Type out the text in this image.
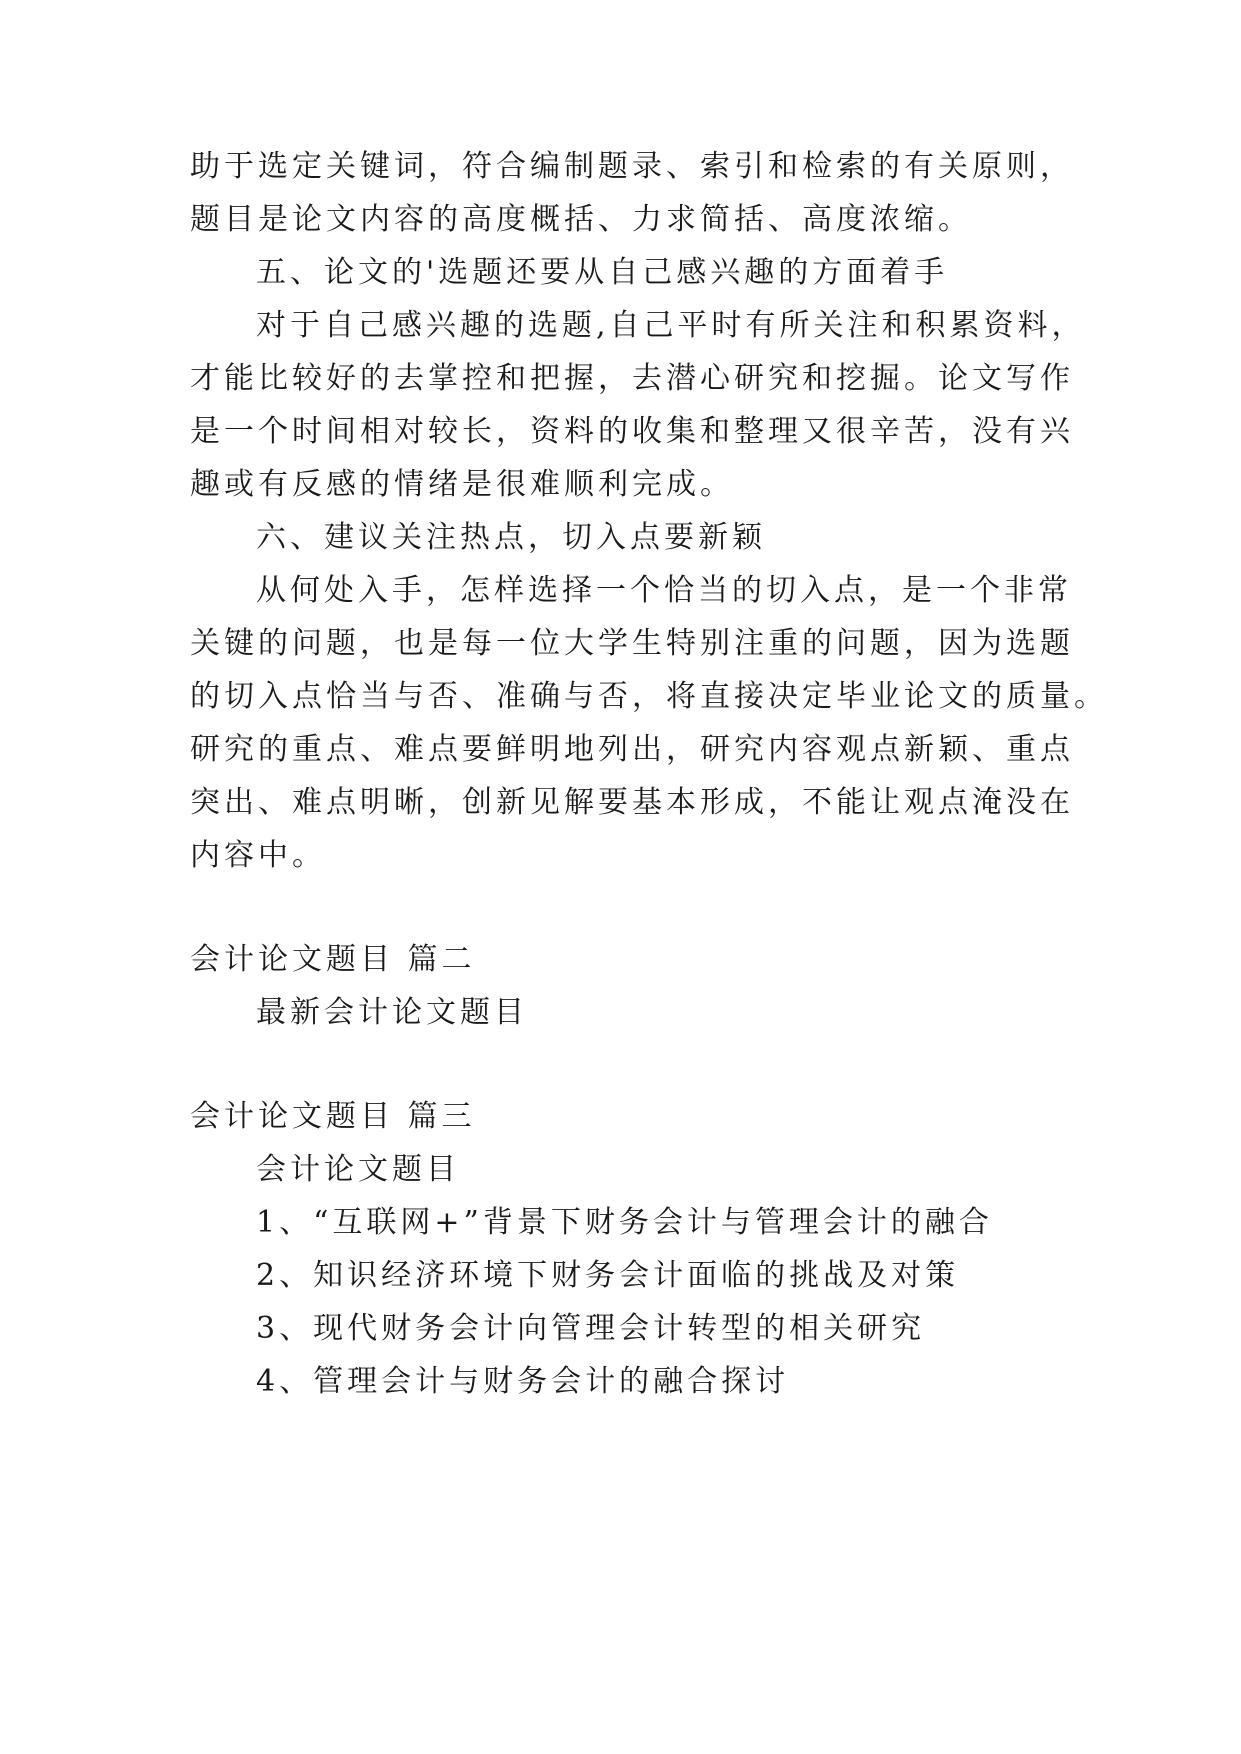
助于选定关键词，符合编制题录、索引和检索的有关原则，
题目是论文内容的高度概括、力求简括、高度浓缩。
五、论文的'选题还要从自己感兴趣的方面着手
对于自己感兴趣的选题,自己平时有所关注和积累资料，
才能比较好的去掌控和把握，去潜心研究和挖掘。论文写作
是一个时间相对较长，资料的收集和整理又很辛苦，没有兴
趣或有反感的情绪是很难顺利完成。
六、建议关注热点，切入点要新颖
从何处入手，怎样选择一个恰当的切入点，是一个非常
关键的问题，也是每一位大学生特别注重的问题，因为选题
的切入点恰当与否、准确与否，将直接决定毕业论文的质量。
研究的重点、难点要鲜明地列出，研究内容观点新颖、重点
突出、难点明晰，创新见解要基本形成，不能让观点淹没在
内容中。
会计论文题目 篇二
最新会计论文题目
会计论文题目 篇三
会计论文题目
1、“互联网+”背景下财务会计与管理会计的融合
2、知识经济环境下财务会计面临的挑战及对策
3、现代财务会计向管理会计转型的相关研究
4、管理会计与财务会计的融合探讨
